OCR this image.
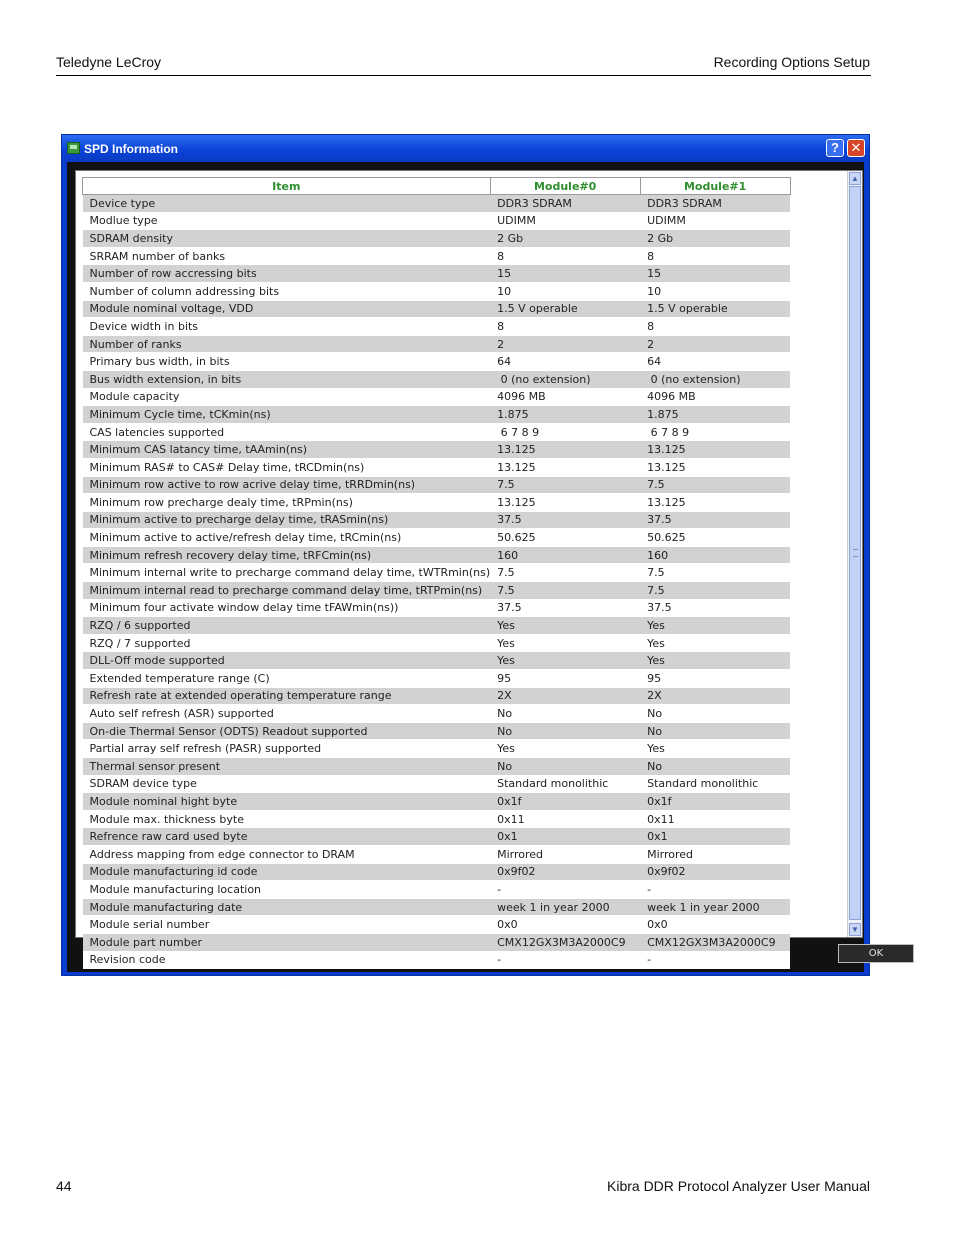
Teledyne LeCroy	Recording Options Setup
SPD Information	? ✕
Item	Module#0	Module#1
Device type	DDR3 SDRAM	DDR3 SDRAM
Modlue type	UDIMM	UDIMM
SDRAM density	2 Gb	2 Gb
SRRAM number of banks	8	8
Number of row accressing bits	15	15
Number of column addressing bits	10	10
Module nominal voltage, VDD	1.5 V operable	1.5 V operable
Device width in bits	8	8
Number of ranks	2	2
Primary bus width, in bits	64	64
Bus width extension, in bits	0 (no extension)	0 (no extension)
Module capacity	4096 MB	4096 MB
Minimum Cycle time, tCKmin(ns)	1.875	1.875
CAS latencies supported	6 7 8 9	6 7 8 9
Minimum CAS latancy time, tAAmin(ns)	13.125	13.125
Minimum RAS# to CAS# Delay time, tRCDmin(ns)	13.125	13.125
Minimum row active to row acrive delay time, tRRDmin(ns)	7.5	7.5
Minimum row precharge dealy time, tRPmin(ns)	13.125	13.125
Minimum active to precharge delay time, tRASmin(ns)	37.5	37.5
Minimum active to active/refresh delay time, tRCmin(ns)	50.625	50.625
Minimum refresh recovery delay time, tRFCmin(ns)	160	160
Minimum internal write to precharge command delay time, tWTRmin(ns)	7.5	7.5
Minimum internal read to precharge command delay time, tRTPmin(ns)	7.5	7.5
Minimum four activate window delay time tFAWmin(ns))	37.5	37.5
RZQ / 6 supported	Yes	Yes
RZQ / 7 supported	Yes	Yes
DLL-Off mode supported	Yes	Yes
Extended temperature range (C)	95	95
Refresh rate at extended operating temperature range	2X	2X
Auto self refresh (ASR) supported	No	No
On-die Thermal Sensor (ODTS) Readout supported	No	No
Partial array self refresh (PASR) supported	Yes	Yes
Thermal sensor present	No	No
SDRAM device type	Standard monolithic	Standard monolithic
Module nominal hight byte	0x1f	0x1f
Module max. thickness byte	0x11	0x11
Refrence raw card used byte	0x1	0x1
Address mapping from edge connector to DRAM	Mirrored	Mirrored
Module manufacturing id code	0x9f02	0x9f02
Module manufacturing location	-	-
Module manufacturing date	week 1 in year 2000	week 1 in year 2000
Module serial number	0x0	0x0
Module part number	CMX12GX3M3A2000C9	CMX12GX3M3A2000C9
Revision code	-	-
▲
▼
OK
44	Kibra DDR Protocol Analyzer User Manual
